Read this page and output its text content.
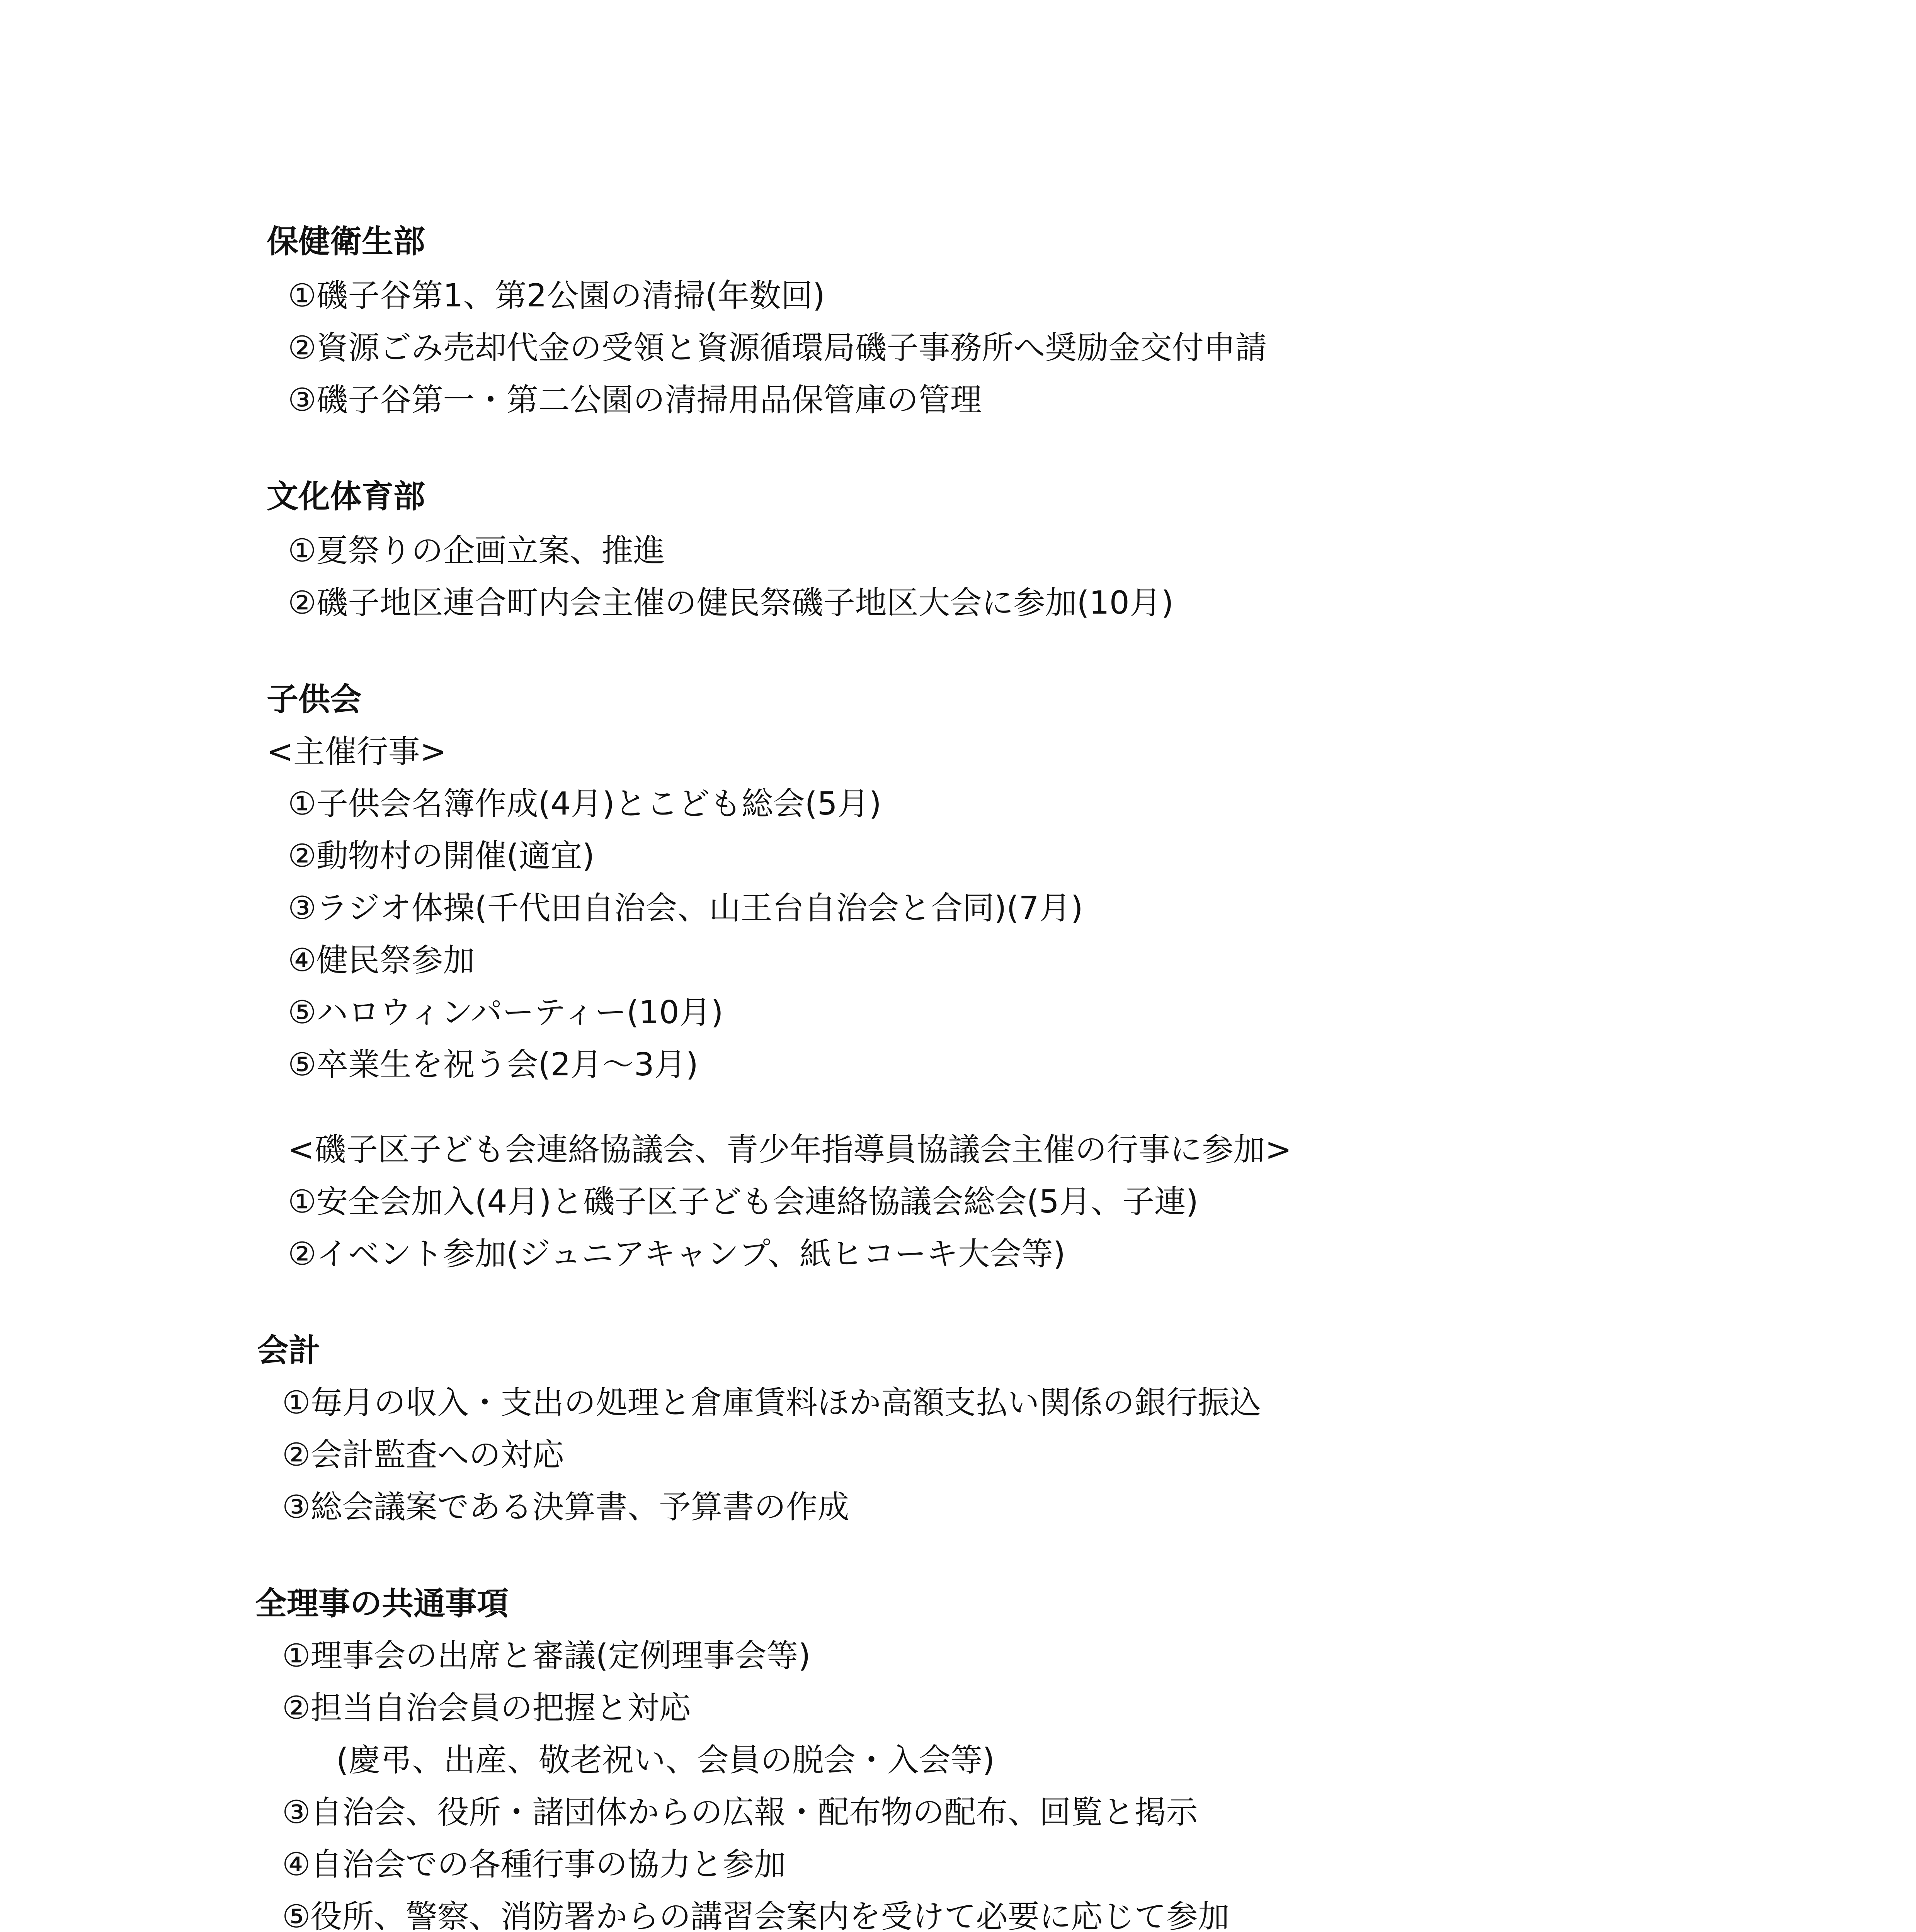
保健衛生部
①磯子谷第1、第2公園の清掃(年数回)
②資源ごみ売却代金の受領と資源循環局磯子事務所へ奨励金交付申請
③磯子谷第一・第二公園の清掃用品保管庫の管理
文化体育部
①夏祭りの企画立案、推進
②磯子地区連合町内会主催の健民祭磯子地区大会に参加(10月)
子供会
<主催行事>
①子供会名簿作成(4月)とこども総会(5月)
②動物村の開催(適宜)
③ラジオ体操(千代田自治会、山王台自治会と合同)(7月)
④健民祭参加
⑤ハロウィンパーティー(10月)
⑤卒業生を祝う会(2月〜3月)
<磯子区子ども会連絡協議会、青少年指導員協議会主催の行事に参加>
①安全会加入(4月)と磯子区子ども会連絡協議会総会(5月、子連)
②イベント参加(ジュニアキャンプ、紙ヒコーキ大会等)
会計
①毎月の収入・支出の処理と倉庫賃料ほか高額支払い関係の銀行振込
②会計監査への対応
③総会議案である決算書、予算書の作成
全理事の共通事項
①理事会の出席と審議(定例理事会等)
②担当自治会員の把握と対応
(慶弔、出産、敬老祝い、会員の脱会・入会等)
③自治会、役所・諸団体からの広報・配布物の配布、回覧と掲示
④自治会での各種行事の協力と参加
⑤役所、警察、消防署からの講習会案内を受けて必要に応じて参加
